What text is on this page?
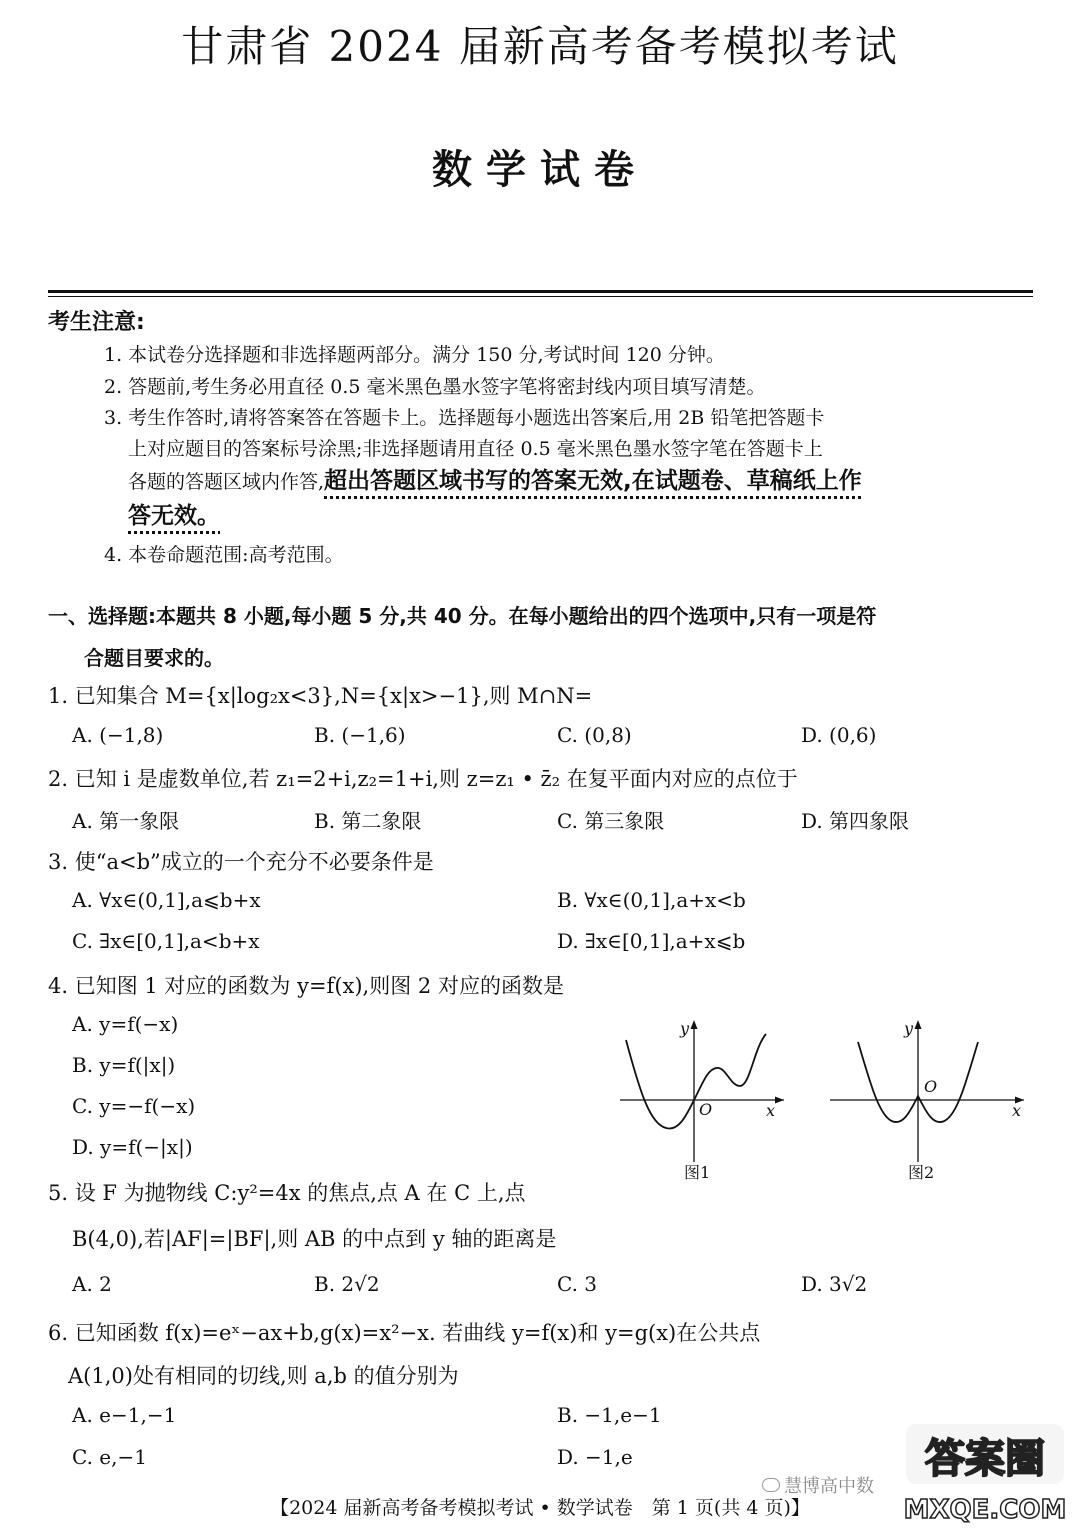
甘肃省 2024 届新高考备考模拟考试
数学试卷
考生注意:
1. 本试卷分选择题和非选择题两部分。满分 150 分,考试时间 120 分钟。
2. 答题前,考生务必用直径 0.5 毫米黑色墨水签字笔将密封线内项目填写清楚。
3. 考生作答时,请将答案答在答题卡上。选择题每小题选出答案后,用 2B 铅笔把答题卡
上对应题目的答案标号涂黑;非选择题请用直径 0.5 毫米黑色墨水签字笔在答题卡上
各题的答题区域内作答,超出答题区域书写的答案无效,在试题卷、草稿纸上作
答无效。
4. 本卷命题范围:高考范围。
一、选择题:本题共 8 小题,每小题 5 分,共 40 分。在每小题给出的四个选项中,只有一项是符
合题目要求的。
1. 已知集合 M={x|log₂x<3},N={x|x>−1},则 M∩N=
A. (−1,8)	B. (−1,6)	C. (0,8)	D. (0,6)
2. 已知 i 是虚数单位,若 z₁=2+i,z₂=1+i,则 z=z₁ • z̄₂ 在复平面内对应的点位于
A. 第一象限	B. 第二象限	C. 第三象限	D. 第四象限
3. 使“a<b”成立的一个充分不必要条件是
A. ∀x∈(0,1],a⩽b+x	B. ∀x∈(0,1],a+x<b
C. ∃x∈[0,1],a<b+x	D. ∃x∈[0,1],a+x⩽b
4. 已知图 1 对应的函数为 y=f(x),则图 2 对应的函数是
A. y=f(−x)
B. y=f(|x|)
C. y=−f(−x)
D. y=f(−|x|)
y
x
O
图1
y
x
O
图2
5. 设 F 为抛物线 C:y²=4x 的焦点,点 A 在 C 上,点
B(4,0),若|AF|=|BF|,则 AB 的中点到 y 轴的距离是
A. 2	B. 2√2	C. 3	D. 3√2
6. 已知函数 f(x)=eˣ−ax+b,g(x)=x²−x. 若曲线 y=f(x)和 y=g(x)在公共点
A(1,0)处有相同的切线,则 a,b 的值分别为
A. e−1,−1	B. −1,e−1
C. e,−1	D. −1,e
【2024 届新高考备考模拟考试 • 数学试卷　第 1 页(共 4 页)】
慧博高中数
答案圈
MXQE.COM
